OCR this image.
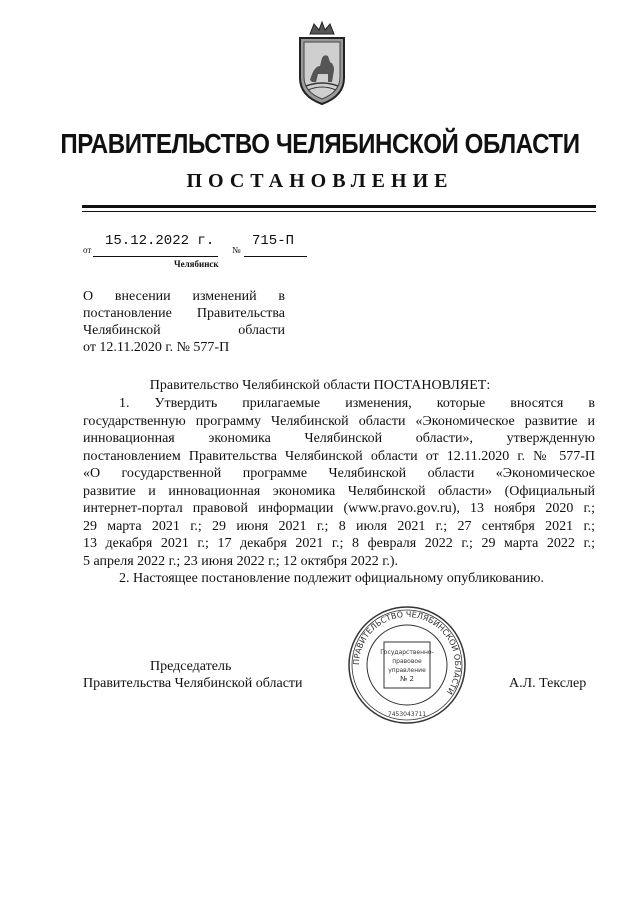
ПРАВИТЕЛЬСТВО ЧЕЛЯБИНСКОЙ ОБЛАСТИ
ПОСТАНОВЛЕНИЕ
от
15.12.2022 г.
№
715-П
Челябинск
О внесении изменений в
постановление Правительства
Челябинской области
от 12.11.2020 г. № 577-П
Правительство Челябинской области ПОСТАНОВЛЯЕТ:
1. Утвердить прилагаемые изменения, которые вносятся в
государственную программу Челябинской области «Экономическое развитие и
инновационная экономика Челябинской области», утвержденную
постановлением Правительства Челябинской области от 12.11.2020 г. № 577-П
«О государственной программе Челябинской области «Экономическое
развитие и инновационная экономика Челябинской области» (Официальный
интернет-портал правовой информации (www.pravo.gov.ru), 13 ноября 2020 г.;
29 марта 2021 г.; 29 июня 2021 г.; 8 июля 2021 г.; 27 сентября 2021 г.;
13 декабря 2021 г.; 17 декабря 2021 г.; 8 февраля 2022 г.; 29 марта 2022 г.;
5 апреля 2022 г.; 23 июня 2022 г.; 12 октября 2022 г.).
2. Настоящее постановление подлежит официальному опубликованию.
ПРАВИТЕЛЬСТВО ЧЕЛЯБИНСКОЙ ОБЛАСТИ
Государственно-
правовое
управление
№ 2
7453043711
Председатель
Правительства Челябинской области	А.Л. Текслер
